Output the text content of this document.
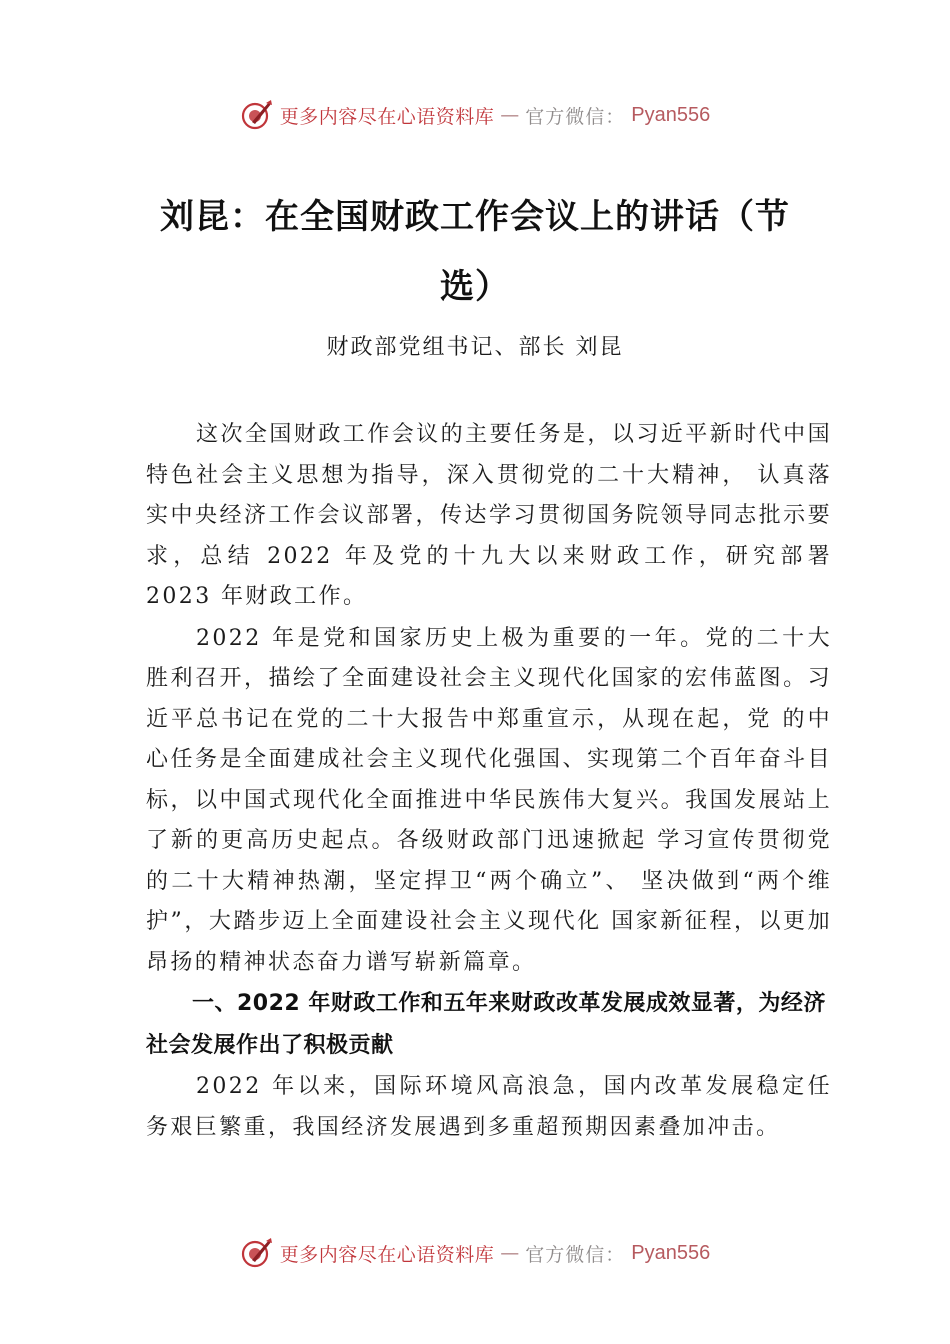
更多内容尽在心语资料库 — 官方微信： Pyan556
刘昆：在全国财政工作会议上的讲话（节选）
财政部党组书记、部长 刘昆

这次全国财政工作会议的主要任务是，以习近平新时代中国特色社会主义思想为指导，深入贯彻党的二十大精神， 认真落实中央经济工作会议部署，传达学习贯彻国务院领导同志批示要求，总结 2022 年及党的十九大以来财政工作，研究部署 2023 年财政工作。

2022 年是党和国家历史上极为重要的一年。党的二十大胜利召开，描绘了全面建设社会主义现代化国家的宏伟蓝图。习近平总书记在党的二十大报告中郑重宣示，从现在起，党 的中心任务是全面建成社会主义现代化强国、实现第二个百年奋斗目标，以中国式现代化全面推进中华民族伟大复兴。我国发展站上了新的更高历史起点。各级财政部门迅速掀起 学习宣传贯彻党的二十大精神热潮，坚定捍卫“两个确立”、 坚决做到“两个维护”，大踏步迈上全面建设社会主义现代化 国家新征程，以更加昂扬的精神状态奋力谱写崭新篇章。

一、2022 年财政工作和五年来财政改革发展成效显著，为经济社会发展作出了积极贡献

2022 年以来，国际环境风高浪急，国内改革发展稳定任务艰巨繁重，我国经济发展遇到多重超预期因素叠加冲击。

更多内容尽在心语资料库 — 官方微信： Pyan556
